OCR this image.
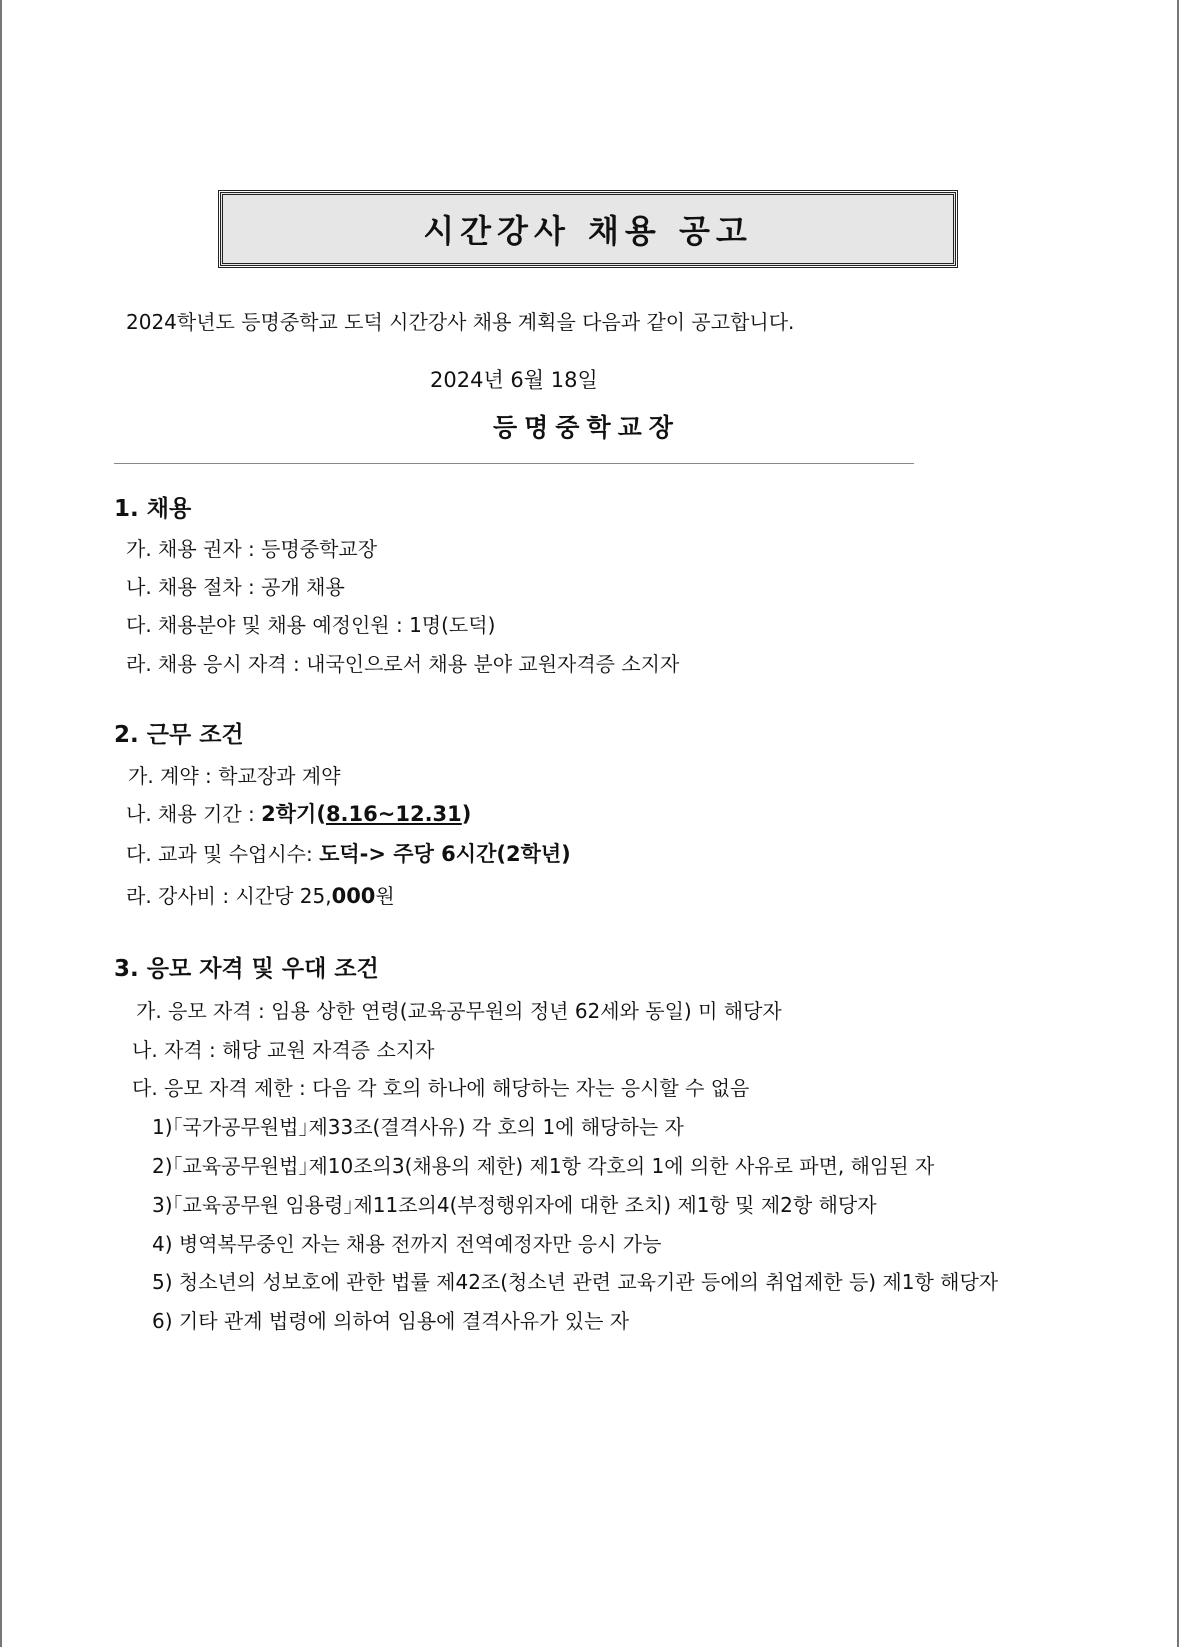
시간강사 채용 공고
2024학년도 등명중학교 도덕 시간강사 채용 계획을 다음과 같이 공고합니다.
2024년 6월 18일
등명중학교장
1. 채용
가. 채용 권자 : 등명중학교장
나. 채용 절차 : 공개 채용
다. 채용분야 및 채용 예정인원 : 1명(도덕)
라. 채용 응시 자격 : 내국인으로서 채용 분야 교원자격증 소지자
2. 근무 조건
가. 계약 : 학교장과 계약
나. 채용 기간 : 2학기(8.16~12.31)
다. 교과 및 수업시수: 도덕-> 주당 6시간(2학년)
라. 강사비 : 시간당 25,000원
3. 응모 자격 및 우대 조건
가. 응모 자격 : 임용 상한 연령(교육공무원의 정년 62세와 동일) 미 해당자
나. 자격 : 해당 교원 자격증 소지자
다. 응모 자격 제한 : 다음 각 호의 하나에 해당하는 자는 응시할 수 없음
1)｢국가공무원법｣제33조(결격사유) 각 호의 1에 해당하는 자
2)｢교육공무원법｣제10조의3(채용의 제한) 제1항 각호의 1에 의한 사유로 파면, 해임된 자
3)｢교육공무원 임용령｣제11조의4(부정행위자에 대한 조치) 제1항 및 제2항 해당자
4) 병역복무중인 자는 채용 전까지 전역예정자만 응시 가능
5) 청소년의 성보호에 관한 법률 제42조(청소년 관련 교육기관 등에의 취업제한 등) 제1항 해당자
6) 기타 관계 법령에 의하여 임용에 결격사유가 있는 자
